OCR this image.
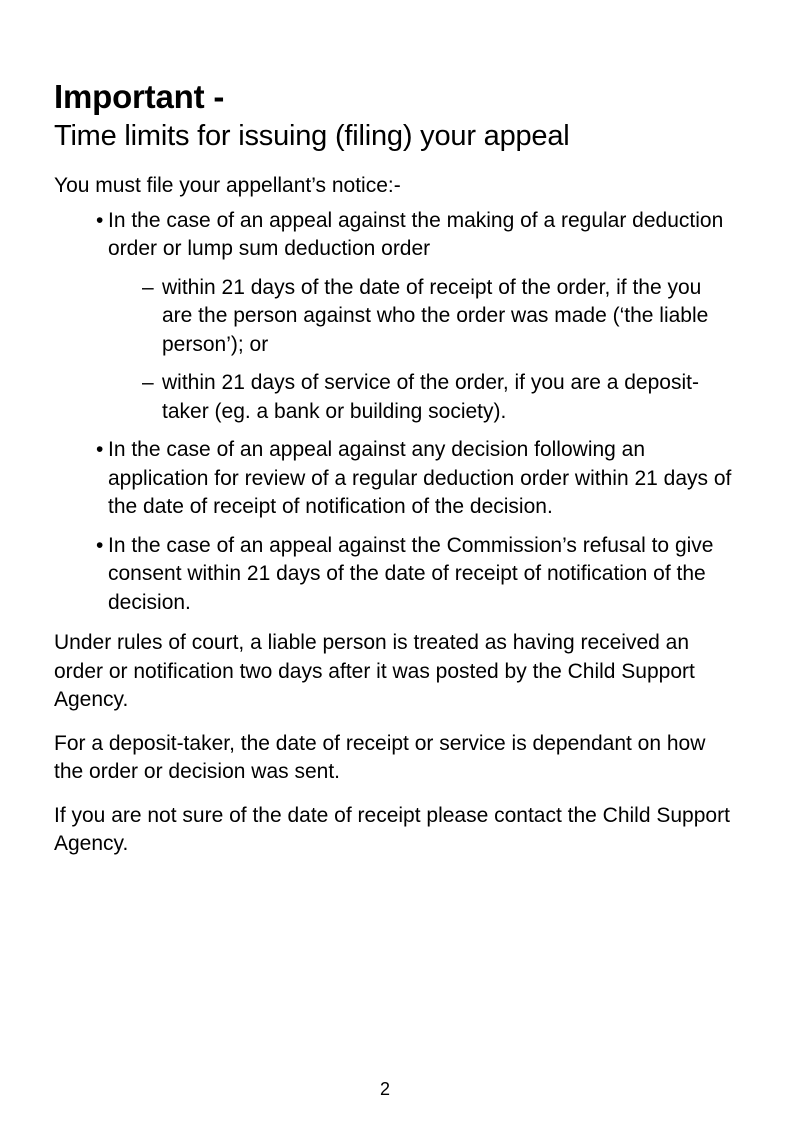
Important -
Time limits for issuing (filing) your appeal

You must file your appellant’s notice:-

• In the case of an appeal against the making of a regular deduction order or lump sum deduction order
– within 21 days of the date of receipt of the order, if the you are the person against who the order was made (‘the liable person’); or
– within 21 days of service of the order, if you are a deposit-taker (eg. a bank or building society).
• In the case of an appeal against any decision following an application for review of a regular deduction order within 21 days of the date of receipt of notification of the decision.
• In the case of an appeal against the Commission’s refusal to give consent within 21 days of the date of receipt of notification of the decision.

Under rules of court, a liable person is treated as having received an order or notification two days after it was posted by the Child Support Agency.

For a deposit-taker, the date of receipt or service is dependant on how the order or decision was sent.

If you are not sure of the date of receipt please contact the Child Support Agency.

2
